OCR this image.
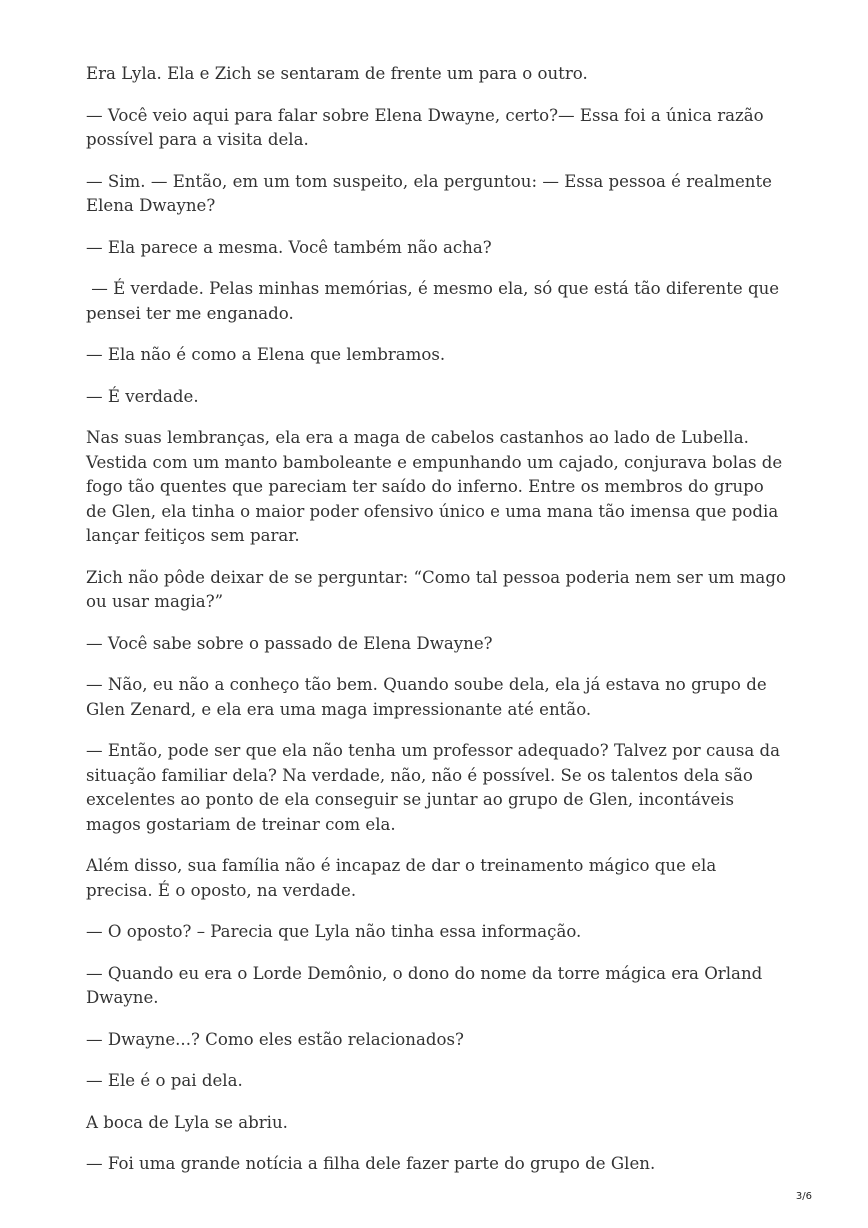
Era Lyla. Ela e Zich se sentaram de frente um para o outro.

— Você veio aqui para falar sobre Elena Dwayne, certo?— Essa foi a única razão possível para a visita dela.

— Sim. — Então, em um tom suspeito, ela perguntou: — Essa pessoa é realmente Elena Dwayne?

— Ela parece a mesma. Você também não acha?

— É verdade. Pelas minhas memórias, é mesmo ela, só que está tão diferente que pensei ter me enganado.

— Ela não é como a Elena que lembramos.

— É verdade.

Nas suas lembranças, ela era a maga de cabelos castanhos ao lado de Lubella. Vestida com um manto bamboleante e empunhando um cajado, conjurava bolas de fogo tão quentes que pareciam ter saído do inferno. Entre os membros do grupo de Glen, ela tinha o maior poder ofensivo único e uma mana tão imensa que podia lançar feitiços sem parar.

Zich não pôde deixar de se perguntar: “Como tal pessoa poderia nem ser um mago ou usar magia?”

— Você sabe sobre o passado de Elena Dwayne?

— Não, eu não a conheço tão bem. Quando soube dela, ela já estava no grupo de Glen Zenard, e ela era uma maga impressionante até então.

— Então, pode ser que ela não tenha um professor adequado? Talvez por causa da situação familiar dela? Na verdade, não, não é possível. Se os talentos dela são excelentes ao ponto de ela conseguir se juntar ao grupo de Glen, incontáveis magos gostariam de treinar com ela.

Além disso, sua família não é incapaz de dar o treinamento mágico que ela precisa. É o oposto, na verdade.

— O oposto? – Parecia que Lyla não tinha essa informação.

— Quando eu era o Lorde Demônio, o dono do nome da torre mágica era Orland Dwayne.

— Dwayne...? Como eles estão relacionados?

— Ele é o pai dela.

A boca de Lyla se abriu.

— Foi uma grande notícia a filha dele fazer parte do grupo de Glen.

3/6
